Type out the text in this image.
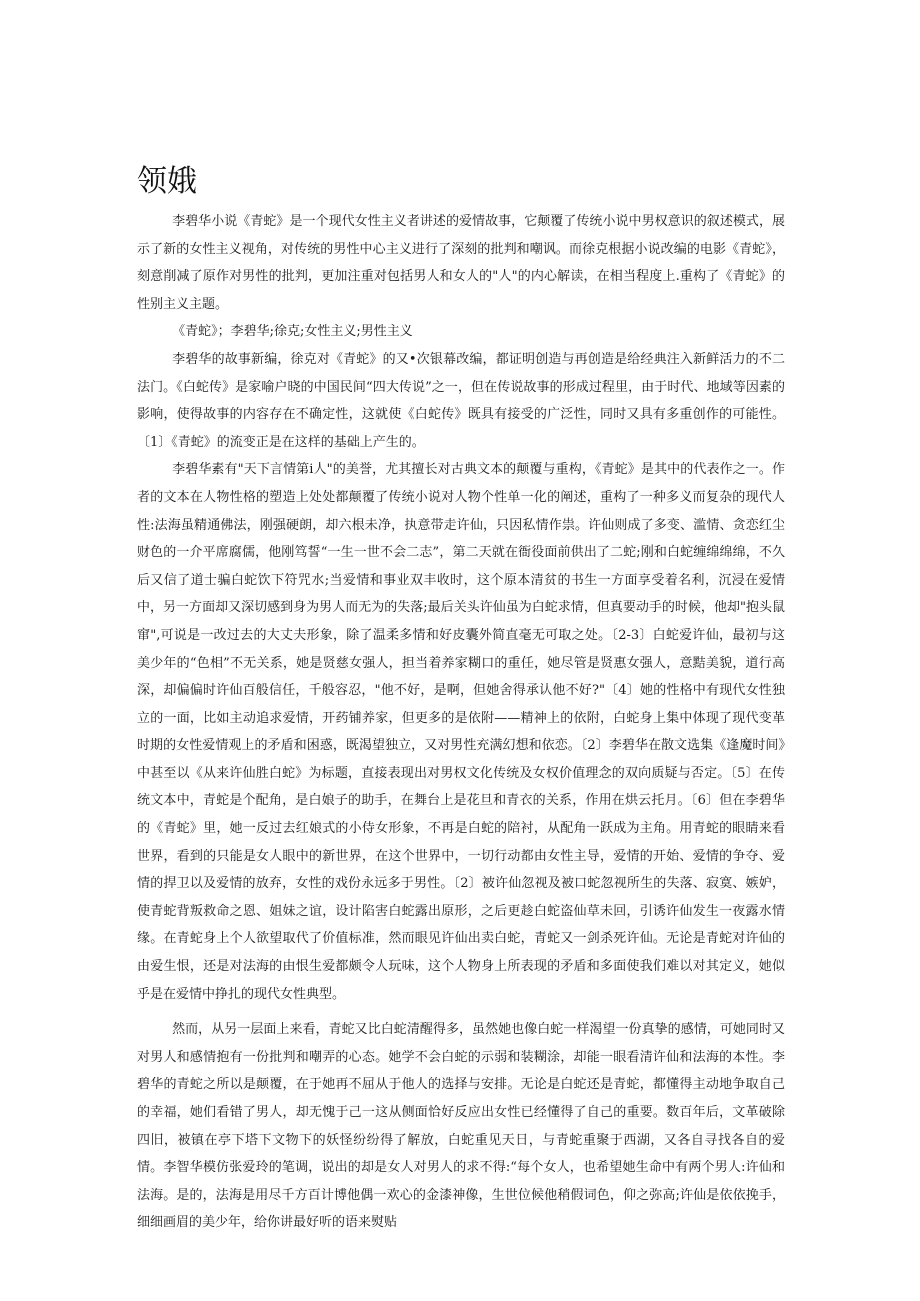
领娥

李碧华小说《青蛇》是一个现代女性主义者讲述的爱情故事，它颠覆了传统小说中男权意识的叙述模式，展示了新的女性主义视角，对传统的男性中心主义进行了深刻的批判和嘲讽。而徐克根据小说改编的电影《青蛇》，刻意削减了原作对男性的批判，更加注重对包括男人和女人的"人"的内心解读，在相当程度上.重构了《青蛇》的性别主义主题。

《青蛇》；李碧华;徐克;女性主义;男性主义

李碧华的故事新编，徐克对《青蛇》的又•次银幕改编，都证明创造与再创造是给经典注入新鲜活力的不二法门。《白蛇传》是家喻户晓的中国民间“四大传说”之一，但在传说故事的形成过程里，由于时代、地域等因素的影响，使得故事的内容存在不确定性，这就使《白蛇传》既具有接受的广泛性，同时又具有多重创作的可能性。〔1〕《青蛇》的流变正是在这样的基础上产生的。

李碧华素有"天下言情第i人"的美誉，尤其擅长对古典文本的颠覆与重构，《青蛇》是其中的代表作之一。作者的文本在人物性格的塑造上处处都颠覆了传统小说对人物个性单一化的阐述，重构了一种多义而复杂的现代人性:法海虽精通佛法，刚强硬朗，却六根未净，执意带走许仙，只因私情作祟。许仙则成了多变、滥情、贪恋红尘财色的一介平席腐儒，他刚笃誓“一生一世不会二志”，第二天就在衙役面前供出了二蛇;刚和白蛇缠绵绵绵，不久后又信了道士骗白蛇饮下符咒水;当爱情和事业双丰收时，这个原本清贫的书生一方面享受着名利，沉浸在爱情中，另一方面却又深切感到身为男人而无为的失落;最后关头许仙虽为白蛇求情，但真要动手的时候，他却"抱头鼠窜",可说是一改过去的大丈夫形象，除了温柔多情和好皮囊外简直毫无可取之处。〔2-3〕白蛇爱许仙，最初与这美少年的“色相”不无关系，她是贤慈女强人，担当着养家糊口的重任，她尽管是贤惠女强人，意黠美貌，道行高深，却偏偏时许仙百般信任，千般容忍，"他不好，是啊，但她舍得承认他不好?"〔4〕她的性格中有现代女性独立的一面，比如主动追求爱情，开药铺养家，但更多的是依附——精神上的依附，白蛇身上集中体现了现代变革时期的女性爱情观上的矛盾和困惑，既渴望独立，又对男性充满幻想和依恋。〔2〕李碧华在散文选集《逢魔时间》中甚至以《从来许仙胜白蛇》为标题，直接表现出对男权文化传统及女权价值理念的双向质疑与否定。〔5〕在传统文本中，青蛇是个配角，是白娘子的助手，在舞台上是花旦和青衣的关系，作用在烘云托月。〔6〕但在李碧华的《青蛇》里，她一反过去红娘式的小侍女形象，不再是白蛇的陪衬，从配角一跃成为主角。用青蛇的眼睛来看世界，看到的只能是女人眼中的新世界，在这个世界中，一切行动都由女性主导，爱情的开始、爱情的争夺、爱情的捍卫以及爱情的放弃，女性的戏份永远多于男性。〔2〕被许仙忽视及被口蛇忽视所生的失落、寂寞、嫉妒，使青蛇背叛救命之恩、姐妹之谊，设计陷害白蛇露出原形，之后更趁白蛇盗仙草未回，引诱许仙发生一夜露水情缘。在青蛇身上个人欲望取代了价值标准，然而眼见许仙出卖白蛇，青蛇又一剑杀死许仙。无论是青蛇对许仙的由爱生恨，还是对法海的由恨生爱都颇令人玩味，这个人物身上所表现的矛盾和多面使我们难以对其定义，她似乎是在爱情中挣扎的现代女性典型。

然而，从另一层面上来看，青蛇又比白蛇清醒得多，虽然她也像白蛇一样渴望一份真挚的感情，可她同时又对男人和感情抱有一份批判和嘲弄的心态。她学不会白蛇的示弱和装糊涂，却能一眼看清许仙和法海的本性。李碧华的青蛇之所以是颠覆，在于她再不屈从于他人的选择与安排。无论是白蛇还是青蛇，都懂得主动地争取自己的幸福，她们看错了男人，却无愧于己一这从侧面恰好反应出女性已经懂得了自己的重要。数百年后，文革破除四旧，被镇在亭下塔下文物下的妖怪纷纷得了解放，白蛇重见天日，与青蛇重聚于西湖，又各自寻找各自的爱情。李智华模仿张爱玲的笔调，说出的却是女人对男人的求不得:“每个女人，也希望她生命中有两个男人:许仙和法海。是的，法海是用尽千方百计博他偶一欢心的金漆神像，生世位候他稍假词色，仰之弥高;许仙是依依挽手，细细画眉的美少年，给你讲最好听的语来熨贴
